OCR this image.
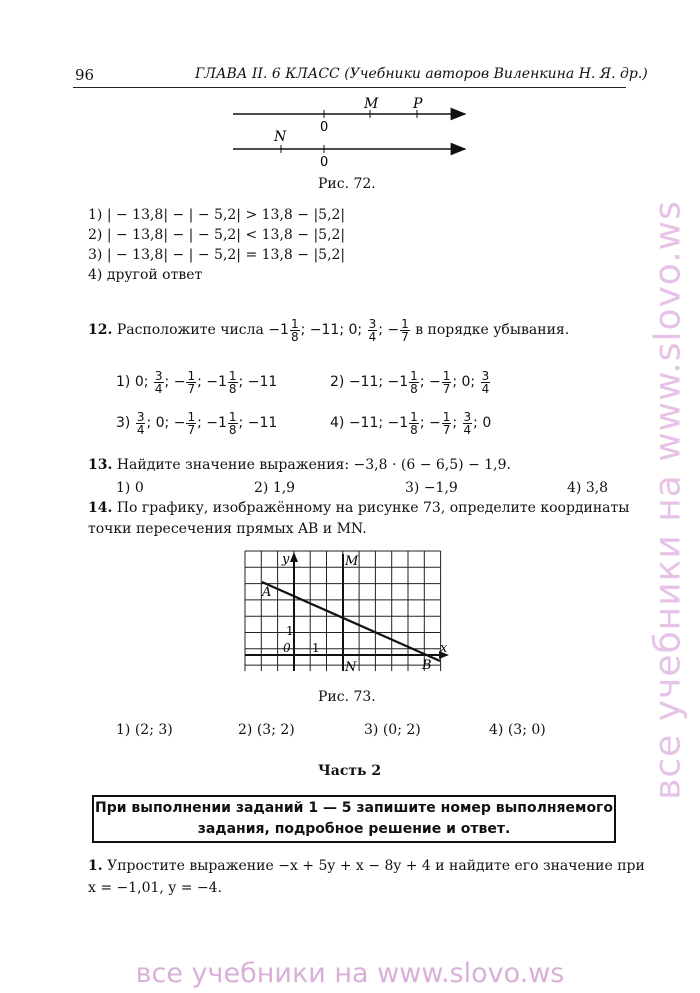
96	ГЛАВА II. 6 КЛАСС (Учебники авторов Виленкина Н. Я. др.)
M P
N
0
0
Рис. 72.
1) | − 13,8| − | − 5,2| > 13,8 − |5,2|
2) | − 13,8| − | − 5,2| < 13,8 − |5,2|
3) | − 13,8| − | − 5,2| = 13,8 − |5,2|
4) другой ответ
12. Расположите числа $-1 \frac{1}{8}$ ; −11; 0; $\frac{3}{4}$ ; − $\frac{1}{7}$ в порядке убывания.
1) 0; $\frac{3}{4}$ ; − $\frac{1}{7}$ ; $-1 \frac{1}{8}$ ; −11	2) −11; $-1 \frac{1}{8}$ ; − $\frac{1}{7}$ ; 0; $\frac{3}{4}$
$3) \frac{3}{4}$ ; 0; − $\frac{1}{7}$ ; $-1 \frac{1}{8}$ ; −11	4) −11; $-1 \frac{1}{8}$ ; − $\frac{1}{7}$ ; $\frac{3}{4}$ ; 0
13. Найдите значение выражения: −3,8 · (6 − 6,5) − 1,9.
1) 0	2) 1,9	3) −1,9	4) 3,8
14. По графику, изображённому на рисунке 73, определите координаты
точки пересечения прямых AB и MN.
y	M
A
1
0 1
N	B
x
Рис. 73.
1) (2; 3)	2) (3; 2)	3) (0; 2)	4) (3; 0)
Часть 2
При выполнении заданий 1 — 5 запишите номер выполняемого
задания, подробное решение и ответ.
1. Упростите выражение −x + 5y + x − 8y + 4 и найдите его значение при
x = −1,01, y = −4.
все учебники на www.slovo.ws
все учебники на www.slovo.ws
